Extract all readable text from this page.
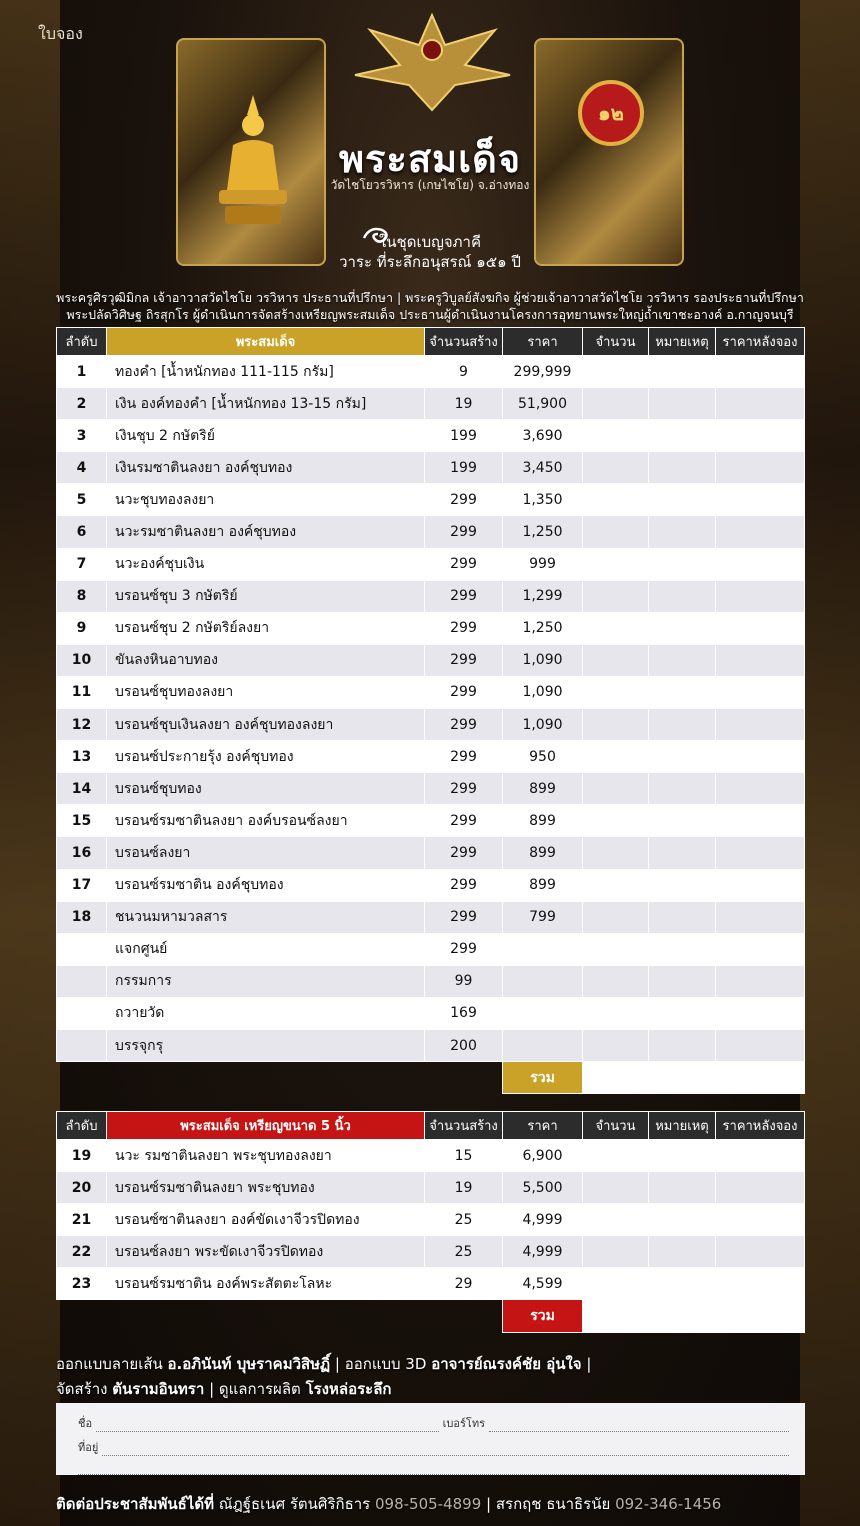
ใบจอง
๑๒
พระสมเด็จ
วัดไชโยวรวิหาร (เกษไชโย) จ.อ่างทอง
ในชุดเบญจภาคี
วาระ ที่ระลึกอนุสรณ์ ๑๕๑ ปี
พระครูศิรวุฒิมิกล เจ้าอาวาสวัดไชโย วรวิหาร ประธานที่ปรึกษา | พระครูวิบูลย์สังฆกิจ ผู้ช่วยเจ้าอาวาสวัดไชโย วรวิหาร รองประธานที่ปรึกษา
พระปลัดวิศิษฐ ถิรสุกโร ผู้ดำเนินการจัดสร้างเหรียญพระสมเด็จ ประธานผู้ดำเนินงานโครงการอุทยานพระใหญ่ถ้ำเขาชะอางค์ อ.กาญจนบุรี
ลำดับ	พระสมเด็จ	จำนวนสร้าง	ราคา	จำนวน	หมายเหตุ	ราคาหลังจอง
1	ทองคำ [น้ำหนักทอง 111-115 กรัม]	9	299,999			
2	เงิน องค์ทองคำ [น้ำหนักทอง 13-15 กรัม]	19	51,900			
3	เงินชุบ 2 กษัตริย์	199	3,690			
4	เงินรมซาตินลงยา องค์ชุบทอง	199	3,450			
5	นวะชุบทองลงยา	299	1,350			
6	นวะรมซาตินลงยา องค์ชุบทอง	299	1,250			
7	นวะองค์ชุบเงิน	299	999			
8	บรอนซ์ชุบ 3 กษัตริย์	299	1,299			
9	บรอนซ์ชุบ 2 กษัตริย์ลงยา	299	1,250			
10	ขันลงหินอาบทอง	299	1,090			
11	บรอนซ์ชุบทองลงยา	299	1,090			
12	บรอนซ์ชุบเงินลงยา องค์ชุบทองลงยา	299	1,090			
13	บรอนซ์ประกายรุ้ง องค์ชุบทอง	299	950			
14	บรอนซ์ชุบทอง	299	899			
15	บรอนซ์รมซาตินลงยา องค์บรอนซ์ลงยา	299	899			
16	บรอนซ์ลงยา	299	899			
17	บรอนซ์รมซาติน องค์ชุบทอง	299	899			
18	ชนวนมหามวลสาร	299	799			
	แจกศูนย์	299				
	กรรมการ	99				
	ถวายวัด	169				
	บรรจุกรุ	200				
			รวม			
ลำดับ	พระสมเด็จ เหรียญขนาด 5 นิ้ว	จำนวนสร้าง	ราคา	จำนวน	หมายเหตุ	ราคาหลังจอง
19	นวะ รมซาตินลงยา พระชุบทองลงยา	15	6,900			
20	บรอนซ์รมซาตินลงยา พระชุบทอง	19	5,500			
21	บรอนซ์ซาตินลงยา องค์ขัดเงาจีวรปิดทอง	25	4,999			
22	บรอนซ์ลงยา พระขัดเงาจีวรปิดทอง	25	4,999			
23	บรอนซ์รมซาติน องค์พระสัตตะโลหะ	29	4,599			
			รวม			
ออกแบบลายเส้น อ.อภินันท์ บุษราคมวิสิษฏิ์ | ออกแบบ 3D อาจารย์ณรงค์ชัย อุ่นใจ |
จัดสร้าง ตันรามอินทรา | ดูแลการผลิต โรงหล่อระลึก
ชื่อ	เบอร์โทร
ที่อยู่
ติดต่อประชาสัมพันธ์ได้ที่ ณัฎฐ์ธเนศ รัตนศิริกิธาร 098-505-4899 | สรกฤช ธนาธิรนัย 092-346-1456
